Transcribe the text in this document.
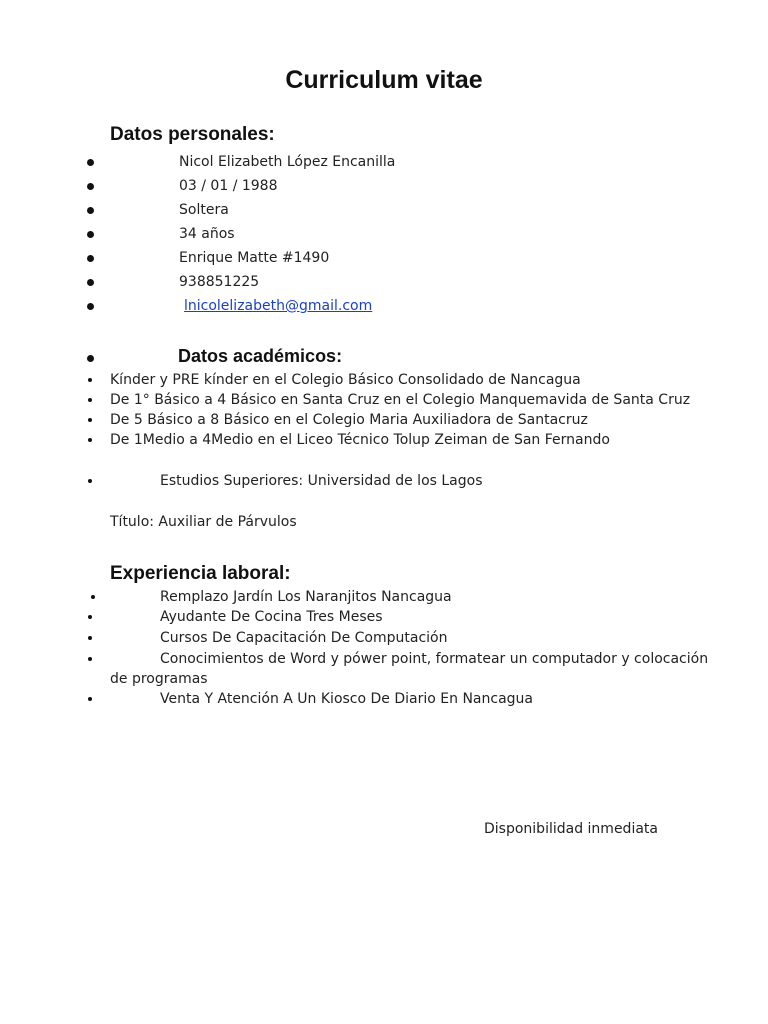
Curriculum vitae
Datos personales:
Nicol Elizabeth López Encanilla
03 / 01 / 1988
Soltera
34 años
Enrique Matte #1490
938851225
lnicolelizabeth@gmail.com
Datos académicos:
Kínder y PRE kínder en el Colegio Básico Consolidado de Nancagua
De 1° Básico a 4 Básico en Santa Cruz en el Colegio Manquemavida de Santa Cruz
De 5 Básico a 8 Básico en el Colegio Maria Auxiliadora de Santacruz
De 1Medio a 4Medio en el Liceo Técnico Tolup Zeiman de San Fernando
Estudios Superiores: Universidad de los Lagos
Título: Auxiliar de Párvulos
Experiencia laboral:
Remplazo Jardín Los Naranjitos Nancagua
Ayudante De Cocina Tres Meses
Cursos De Capacitación De Computación
Conocimientos de Word y pówer point, formatear un computador y colocación de programas
Venta Y Atención A Un Kiosco De Diario En Nancagua
Disponibilidad inmediata
